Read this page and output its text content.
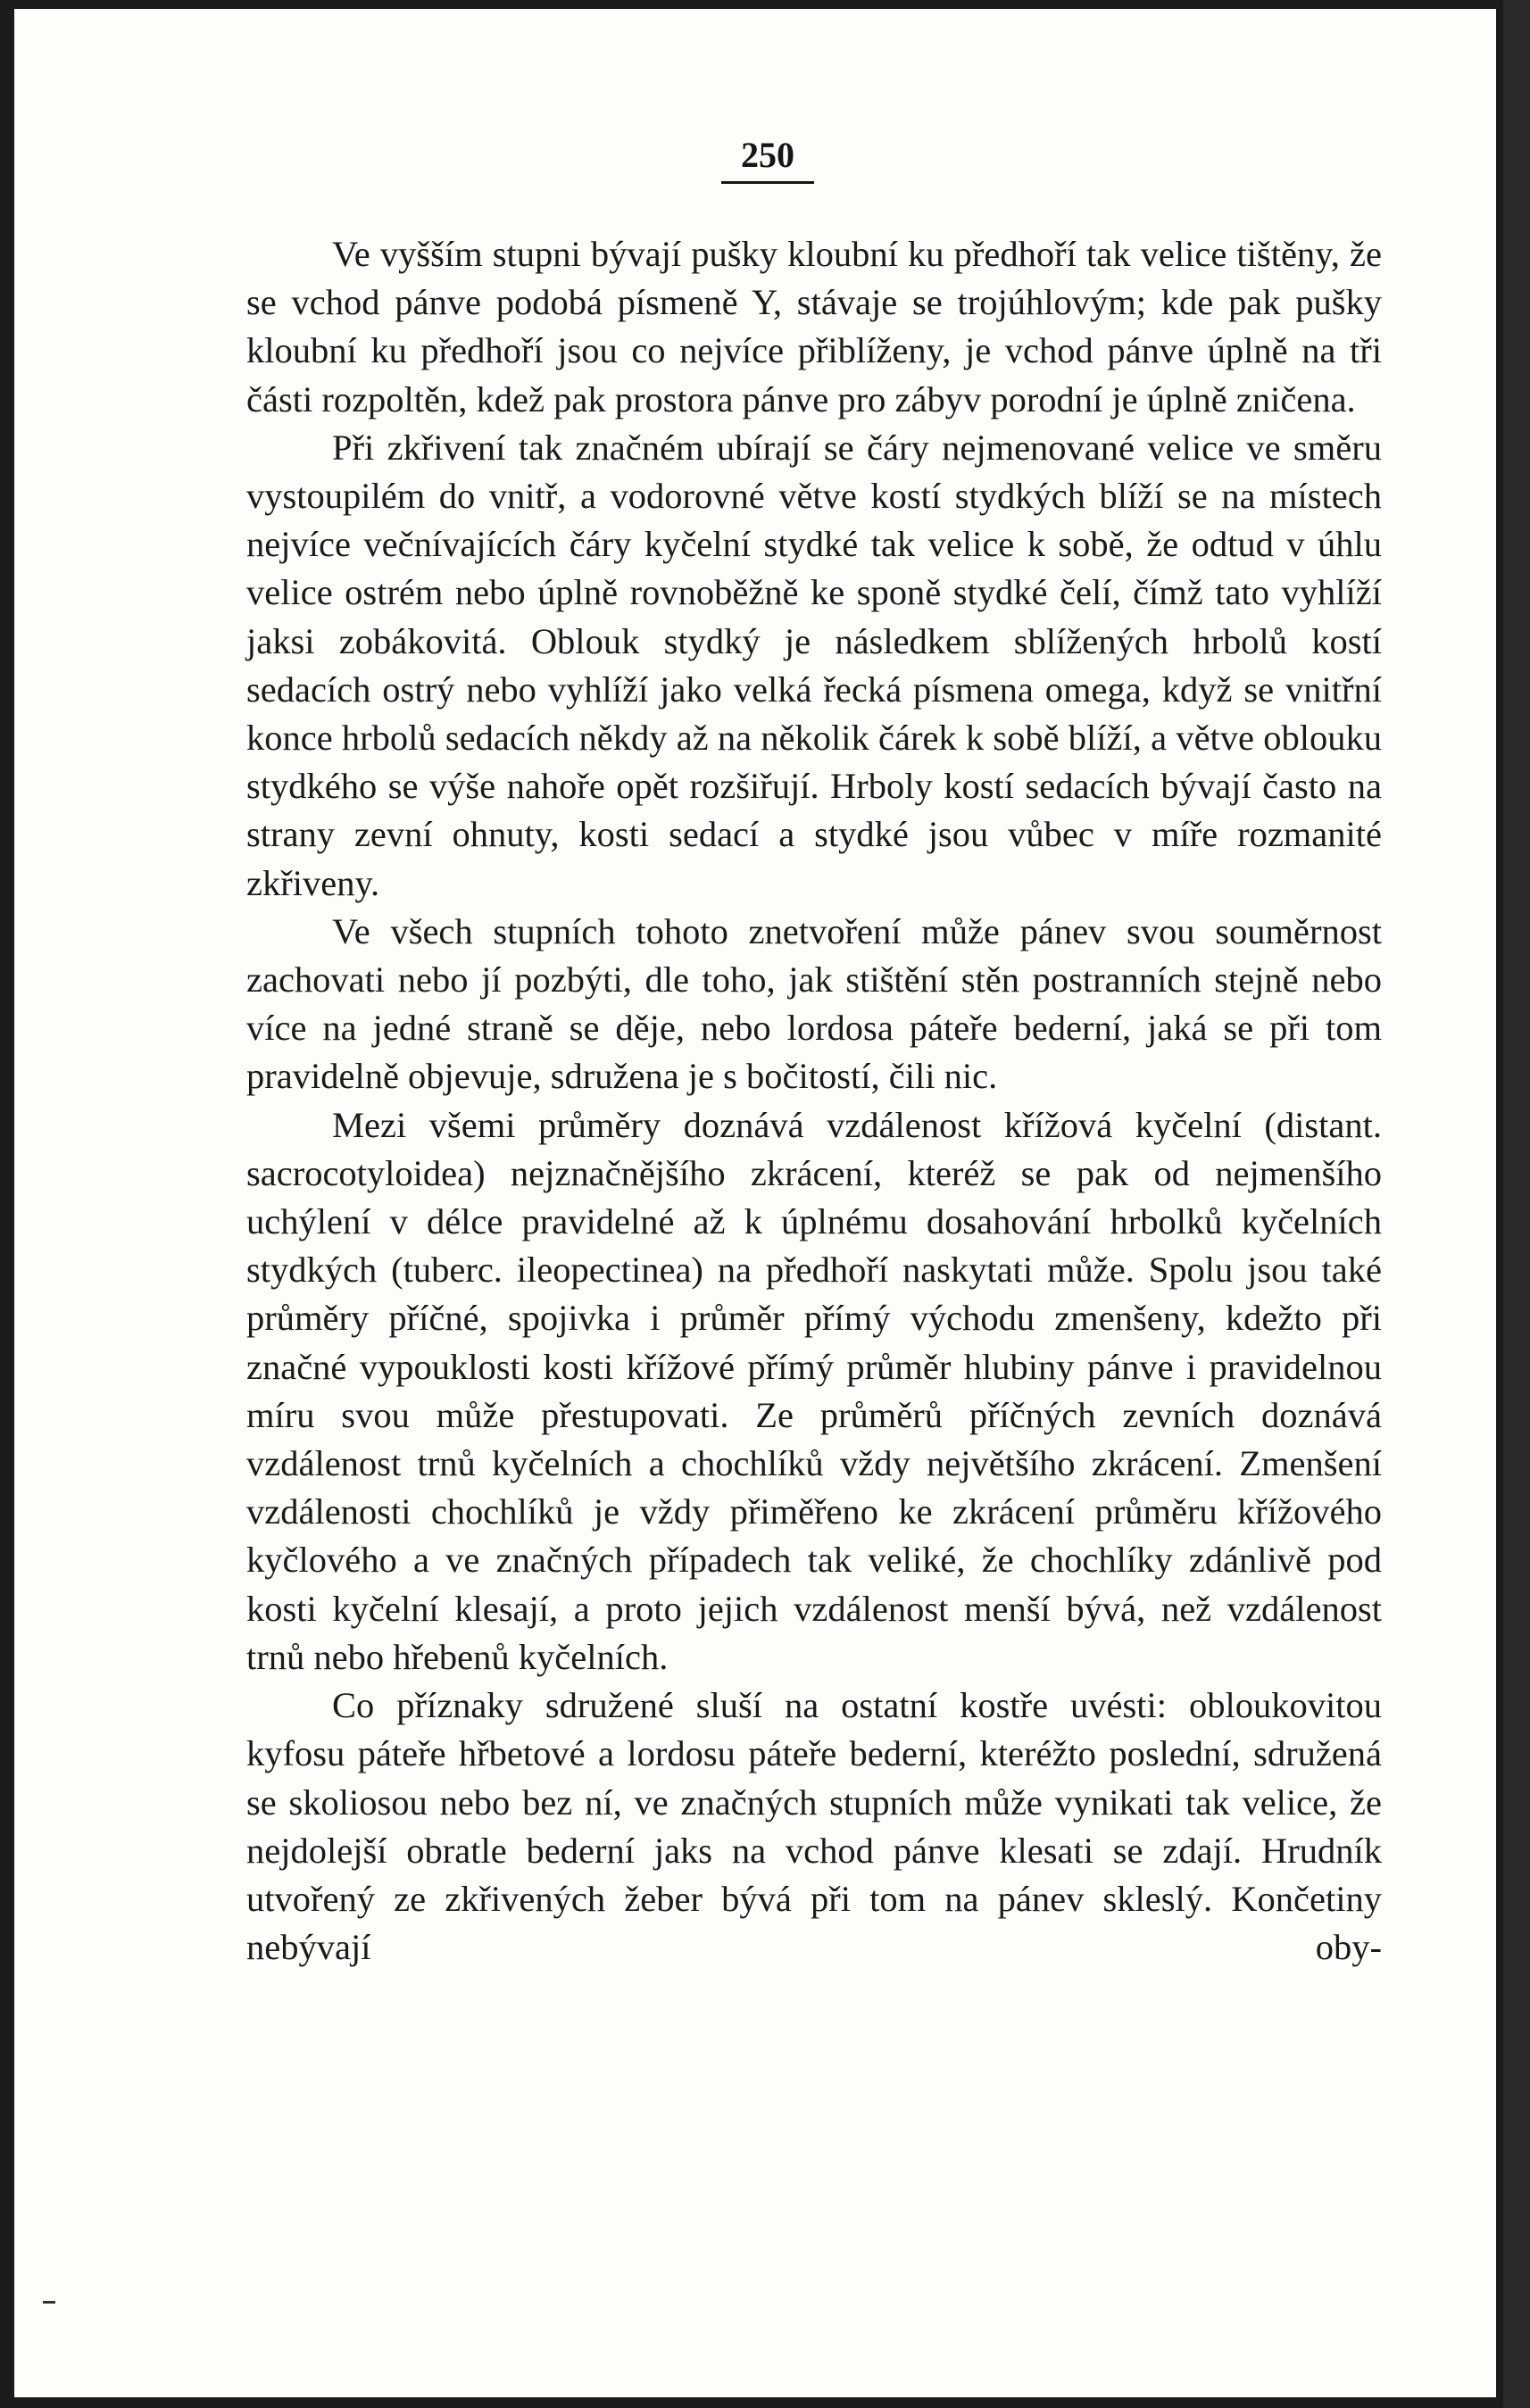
250

Ve vyšším stupni bývají pušky kloubní ku předhoří tak velice tištěny, že se vchod pánve podobá písmeně Y, stávaje se trojúhlovým; kde pak pušky kloubní ku předhoří jsou co nejvíce přiblíženy, je vchod pánve úplně na tři části rozpoltěn, kdež pak prostora pánve pro zábyv porodní je úplně zničena.

Při zkřivení tak značném ubírají se čáry nejmenované velice ve směru vystoupilém do vnitř, a vodorovné větve kostí stydkých blíží se na místech nejvíce večnívajících čáry kyčelní stydké tak velice k sobě, že odtud v úhlu velice ostrém nebo úplně rovnoběžně ke sponě stydké čelí, čímž tato vyhlíží jaksi zobákovitá. Oblouk stydký je následkem sblížených hrbolů kostí sedacích ostrý nebo vyhlíží jako velká řecká písmena omega, když se vnitřní konce hrbolů sedacích někdy až na několik čárek k sobě blíží, a větve oblouku stydkého se výše nahoře opět rozšiřují. Hrboly kostí sedacích bývají často na strany zevní ohnuty, kosti sedací a stydké jsou vůbec v míře rozmanité zkřiveny.

Ve všech stupních tohoto znetvoření může pánev svou souměrnost zachovati nebo jí pozbýti, dle toho, jak stištění stěn postranních stejně nebo více na jedné straně se děje, nebo lordosa páteře bederní, jaká se při tom pravidelně objevuje, sdružena je s bočitostí, čili nic.

Mezi všemi průměry doznává vzdálenost křížová kyčelní (distant. sacrocotyloidea) nejznačnějšího zkrácení, kteréž se pak od nejmenšího uchýlení v délce pravidelné až k úplnému dosahování hrbolků kyčelních stydkých (tuberc. ileopectinea) na předhoří naskytati může. Spolu jsou také průměry příčné, spojivka i průměr přímý východu zmenšeny, kdežto při značné vypouklosti kosti křížové přímý průměr hlubiny pánve i pravidelnou míru svou může přestupovati. Ze průměrů příčných zevních doznává vzdálenost trnů kyčelních a chochlíků vždy největšího zkrácení. Zmenšení vzdálenosti chochlíků je vždy přiměřeno ke zkrácení průměru křížového kyčlového a ve značných případech tak veliké, že chochlíky zdánlivě pod kosti kyčelní klesají, a proto jejich vzdálenost menší bývá, než vzdálenost trnů nebo hřebenů kyčelních.

Co příznaky sdružené sluší na ostatní kostře uvésti: obloukovitou kyfosu páteře hřbetové a lordosu páteře bederní, kteréžto poslední, sdružená se skoliosou nebo bez ní, ve značných stupních může vynikati tak velice, že nejdolejší obratle bederní jaks na vchod pánve klesati se zdají. Hrudník utvořený ze zkřivených žeber bývá při tom na pánev skleslý. Končetiny nebývají oby-
